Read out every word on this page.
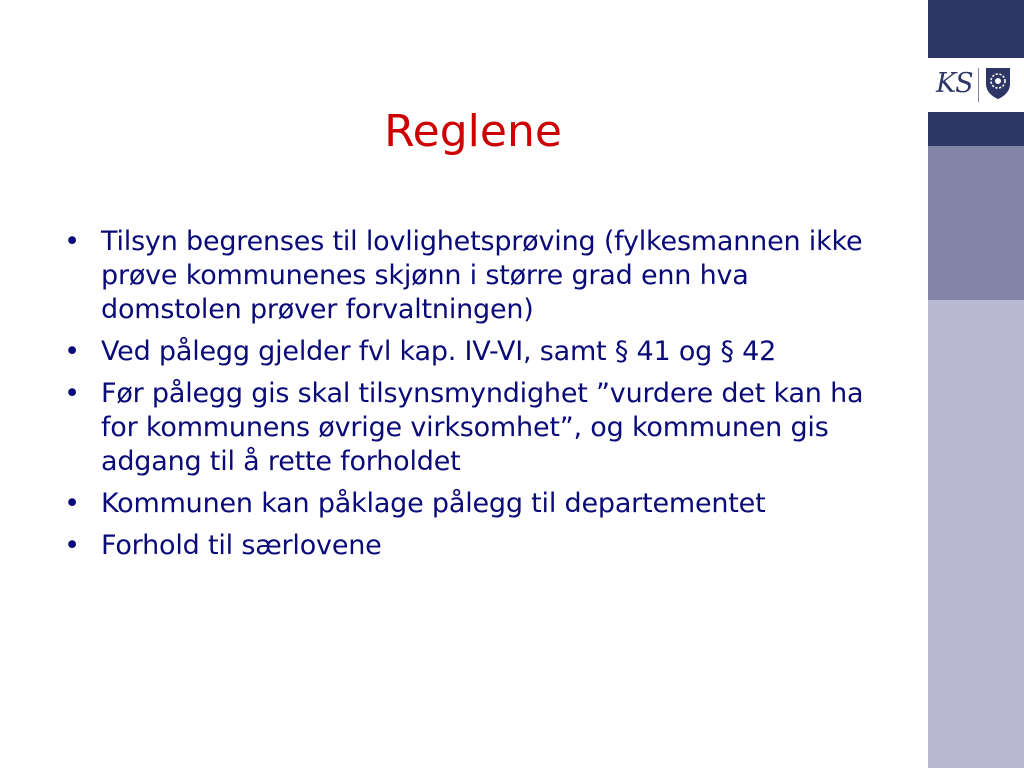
Reglene
• Tilsyn begrenses til lovlighetsprøving (fylkesmannen ikke prøve kommunenes skjønn i større grad enn hva domstolen prøver forvaltningen)
• Ved pålegg gjelder fvl kap. IV-VI, samt § 41 og § 42
• Før pålegg gis skal tilsynsmyndighet ”vurdere det kan ha for kommunens øvrige virksomhet”, og kommunen gis adgang til å rette forholdet
• Kommunen kan påklage pålegg til departementet
• Forhold til særlovene
KS
